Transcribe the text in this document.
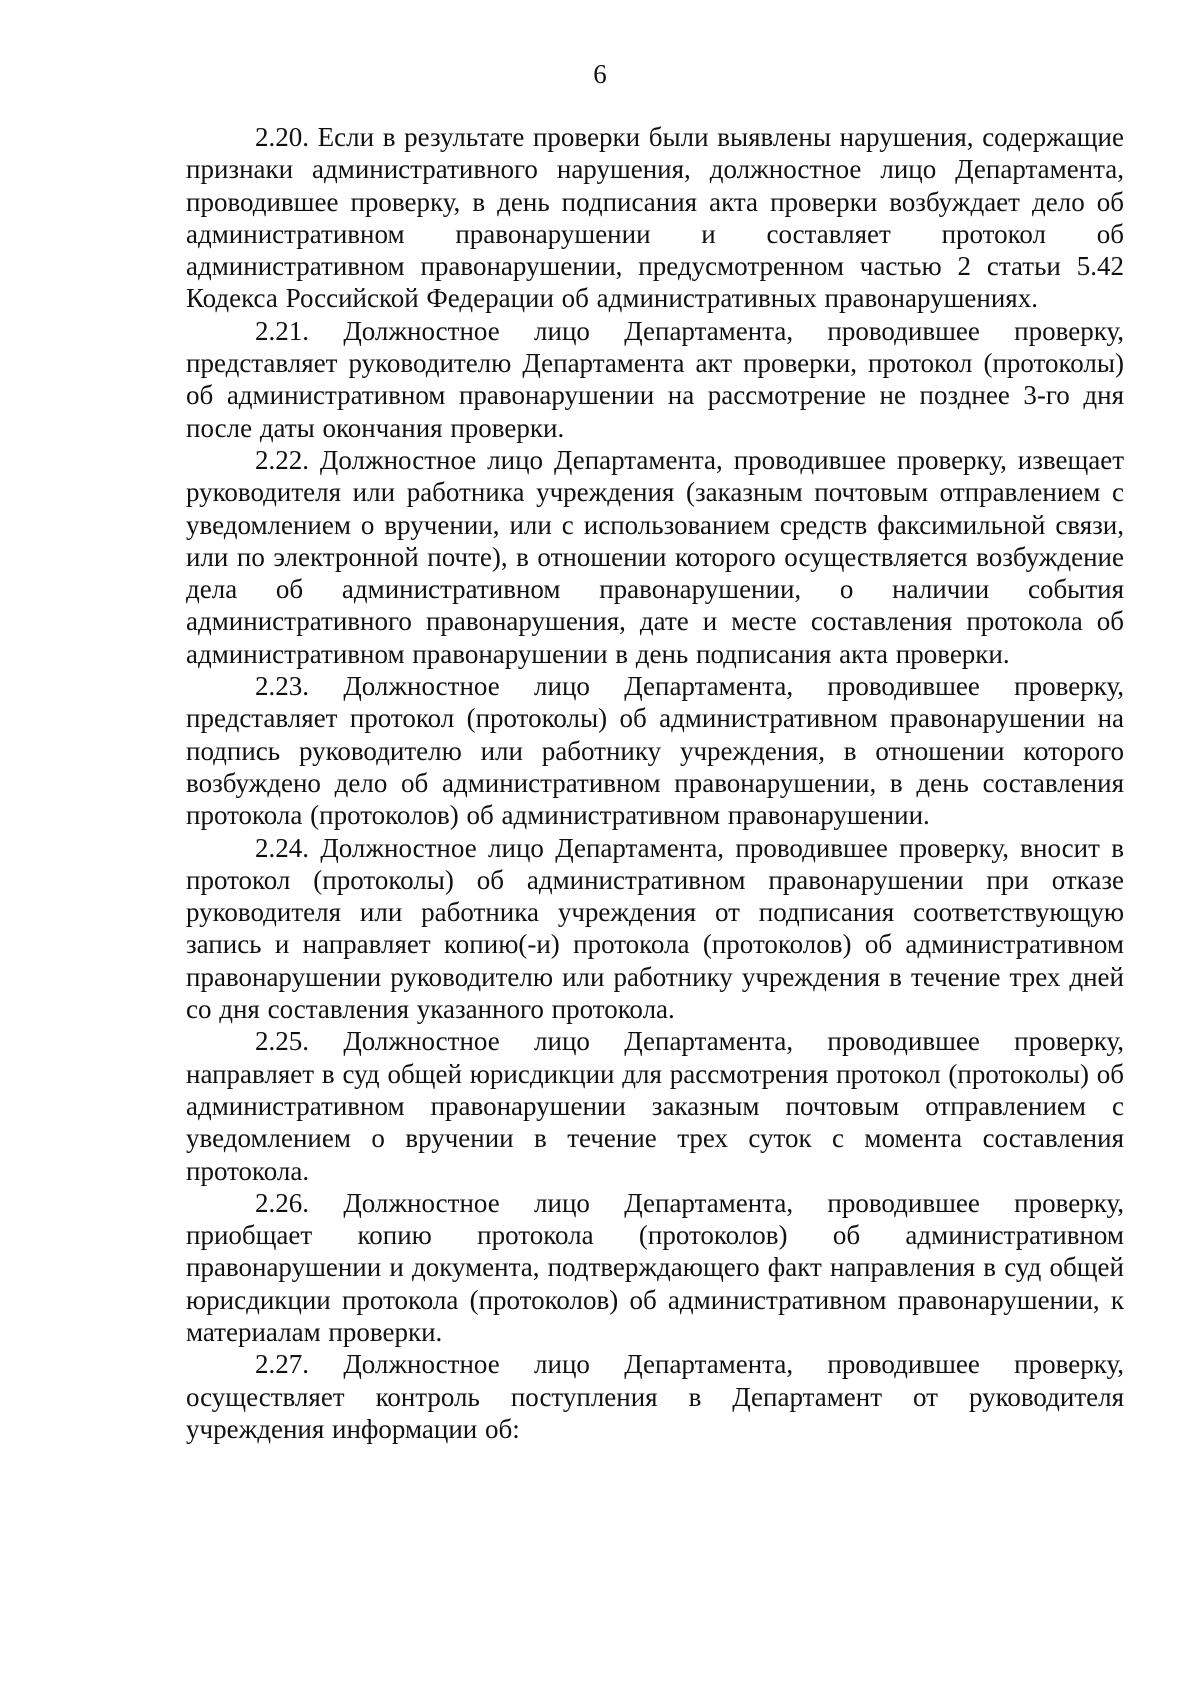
6

2.20. Если в результате проверки были выявлены нарушения, содержащие признаки административного нарушения, должностное лицо Департамента, проводившее проверку, в день подписания акта проверки возбуждает дело об административном правонарушении и составляет протокол об административном правонарушении, предусмотренном частью 2 статьи 5.42 Кодекса Российской Федерации об административных правонарушениях.

2.21. Должностное лицо Департамента, проводившее проверку, представляет руководителю Департамента акт проверки, протокол (протоколы) об административном правонарушении на рассмотрение не позднее 3-го дня после даты окончания проверки.

2.22. Должностное лицо Департамента, проводившее проверку, извещает руководителя или работника учреждения (заказным почтовым отправлением с уведомлением о вручении, или с использованием средств факсимильной связи, или по электронной почте), в отношении которого осуществляется возбуждение дела об административном правонарушении, о наличии события административного правонарушения, дате и месте составления протокола об административном правонарушении в день подписания акта проверки.

2.23. Должностное лицо Департамента, проводившее проверку, представляет протокол (протоколы) об административном правонарушении на подпись руководителю или работнику учреждения, в отношении которого возбуждено дело об административном правонарушении, в день составления протокола (протоколов) об административном правонарушении.

2.24. Должностное лицо Департамента, проводившее проверку, вносит в протокол (протоколы) об административном правонарушении при отказе руководителя или работника учреждения от подписания соответствующую запись и направляет копию(-и) протокола (протоколов) об административном правонарушении руководителю или работнику учреждения в течение трех дней со дня составления указанного протокола.

2.25. Должностное лицо Департамента, проводившее проверку, направляет в суд общей юрисдикции для рассмотрения протокол (протоколы) об административном правонарушении заказным почтовым отправлением с уведомлением о вручении в течение трех суток с момента составления протокола.

2.26. Должностное лицо Департамента, проводившее проверку, приобщает копию протокола (протоколов) об административном правонарушении и документа, подтверждающего факт направления в суд общей юрисдикции протокола (протоколов) об административном правонарушении, к материалам проверки.

2.27. Должностное лицо Департамента, проводившее проверку, осуществляет контроль поступления в Департамент от руководителя учреждения информации об:
